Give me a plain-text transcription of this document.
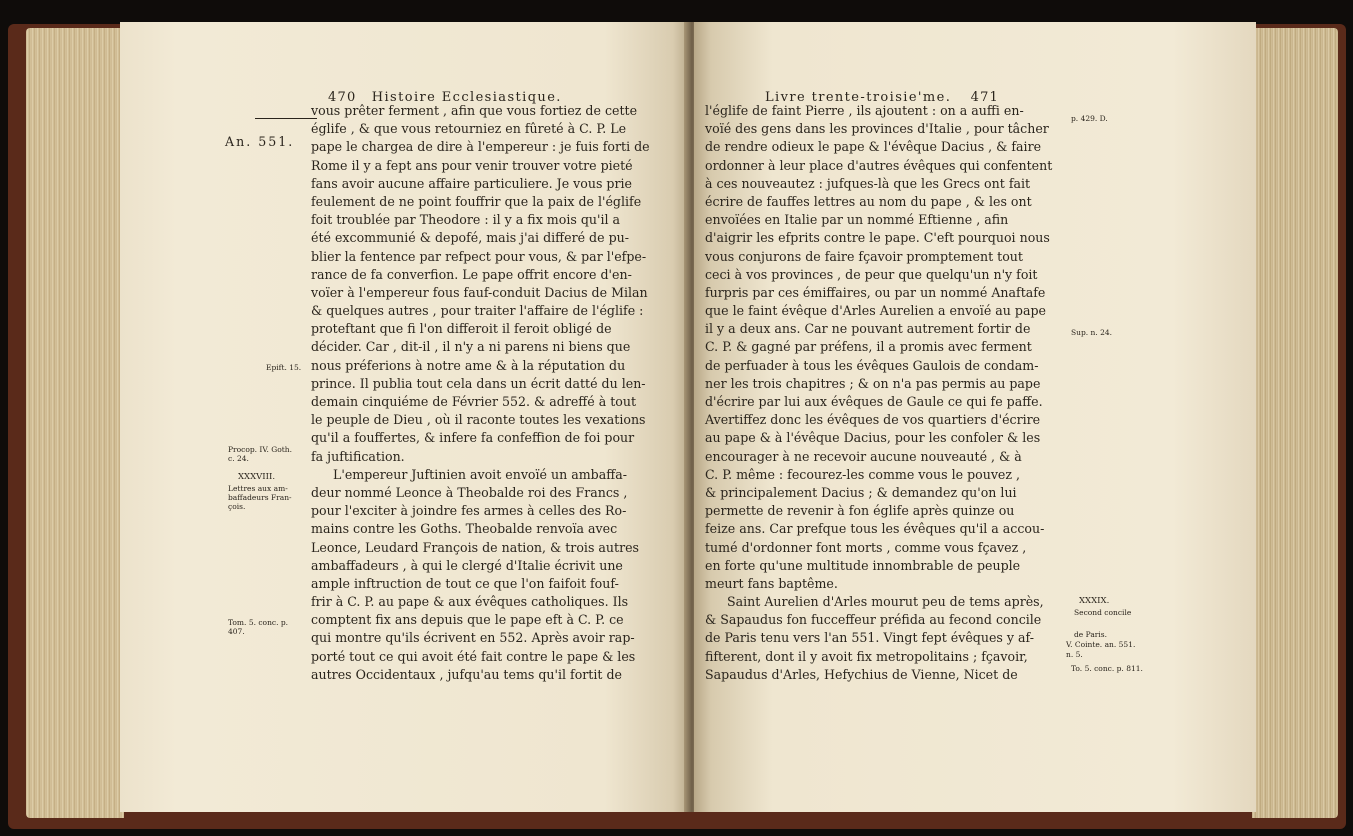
470 Histoire Ecclesiastique.
An. 551.
vous prêter ferment , afin que vous fortiez de cette
églife , & que vous retourniez en fûreté à C. P. Le
pape le chargea de dire à l'empereur : je fuis forti de
Rome il y a fept ans pour venir trouver votre pieté
fans avoir aucune affaire particuliere. Je vous prie
feulement de ne point fouffrir que la paix de l'églife
foit troublée par Theodore : il y a fix mois qu'il a
été excommunié & depofé, mais j'ai differé de pu-
blier la fentence par refpect pour vous, & par l'efpe-
rance de fa converfion. Le pape offrit encore d'en-
voïer à l'empereur fous fauf-conduit Dacius de Milan
& quelques autres , pour traiter l'affaire de l'églife :
proteftant que fi l'on differoit il feroit obligé de
décider. Car , dit-il , il n'y a ni parens ni biens que
nous préferions à notre ame & à la réputation du
prince. Il publia tout cela dans un écrit datté du len-
demain cinquiéme de Février 552. & adreffé à tout
le peuple de Dieu , où il raconte toutes les vexations
qu'il a fouffertes, & infere fa confeffion de foi pour
fa juftification.
L'empereur Juftinien avoit envoïé un ambaffa-
deur nommé Leonce à Theobalde roi des Francs ,
pour l'exciter à joindre fes armes à celles des Ro-
mains contre les Goths. Theobalde renvoïa avec
Leonce, Leudard François de nation, & trois autres
ambaffadeurs , à qui le clergé d'Italie écrivit une
ample inftruction de tout ce que l'on faifoit fouf-
frir à C. P. au pape & aux évêques catholiques. Ils
comptent fix ans depuis que le pape eft à C. P. ce
qui montre qu'ils écrivent en 552. Après avoir rap-
porté tout ce qui avoit été fait contre le pape & les
autres Occidentaux , jufqu'au tems qu'il fortit de
Epift. 15.
Procop. IV. Goth.
c. 24.
XXXVIII.
Lettres aux am-
baffadeurs Fran-
çois.
Tom. 5. conc. p.
407.
Livre trente-troisie'me. 471
l'églife de faint Pierre , ils ajoutent : on a auffi en-
voïé des gens dans les provinces d'Italie , pour tâcher
de rendre odieux le pape & l'évêque Dacius , & faire
ordonner à leur place d'autres évêques qui confentent
à ces nouveautez : jufques-là que les Grecs ont fait
écrire de fauffes lettres au nom du pape , & les ont
envoïées en Italie par un nommé Eftienne , afin
d'aigrir les efprits contre le pape. C'eft pourquoi nous
vous conjurons de faire fçavoir promptement tout
ceci à vos provinces , de peur que quelqu'un n'y foit
furpris par ces émiffaires, ou par un nommé Anaftafe
que le faint évêque d'Arles Aurelien a envoïé au pape
il y a deux ans. Car ne pouvant autrement fortir de
C. P. & gagné par préfens, il a promis avec ferment
de perfuader à tous les évêques Gaulois de condam-
ner les trois chapitres ; & on n'a pas permis au pape
d'écrire par lui aux évêques de Gaule ce qui fe paffe.
Avertiffez donc les évêques de vos quartiers d'écrire
au pape & à l'évêque Dacius, pour les confoler & les
encourager à ne recevoir aucune nouveauté , & à
C. P. même : fecourez-les comme vous le pouvez ,
& principalement Dacius ; & demandez qu'on lui
permette de revenir à fon églife après quinze ou
feize ans. Car prefque tous les évêques qu'il a accou-
tumé d'ordonner font morts , comme vous fçavez ,
en forte qu'une multitude innombrable de peuple
meurt fans baptême.
Saint Aurelien d'Arles mourut peu de tems après,
& Sapaudus fon fucceffeur préfida au fecond concile
de Paris tenu vers l'an 551. Vingt fept évêques y af-
fifterent, dont il y avoit fix metropolitains ; fçavoir,
Sapaudus d'Arles, Hefychius de Vienne, Nicet de
p. 429. D.
Sup. n. 24.
XXXIX.
Second concile
de Paris.
V. Cointe. an. 551.
n. 5.
To. 5. conc. p. 811.
